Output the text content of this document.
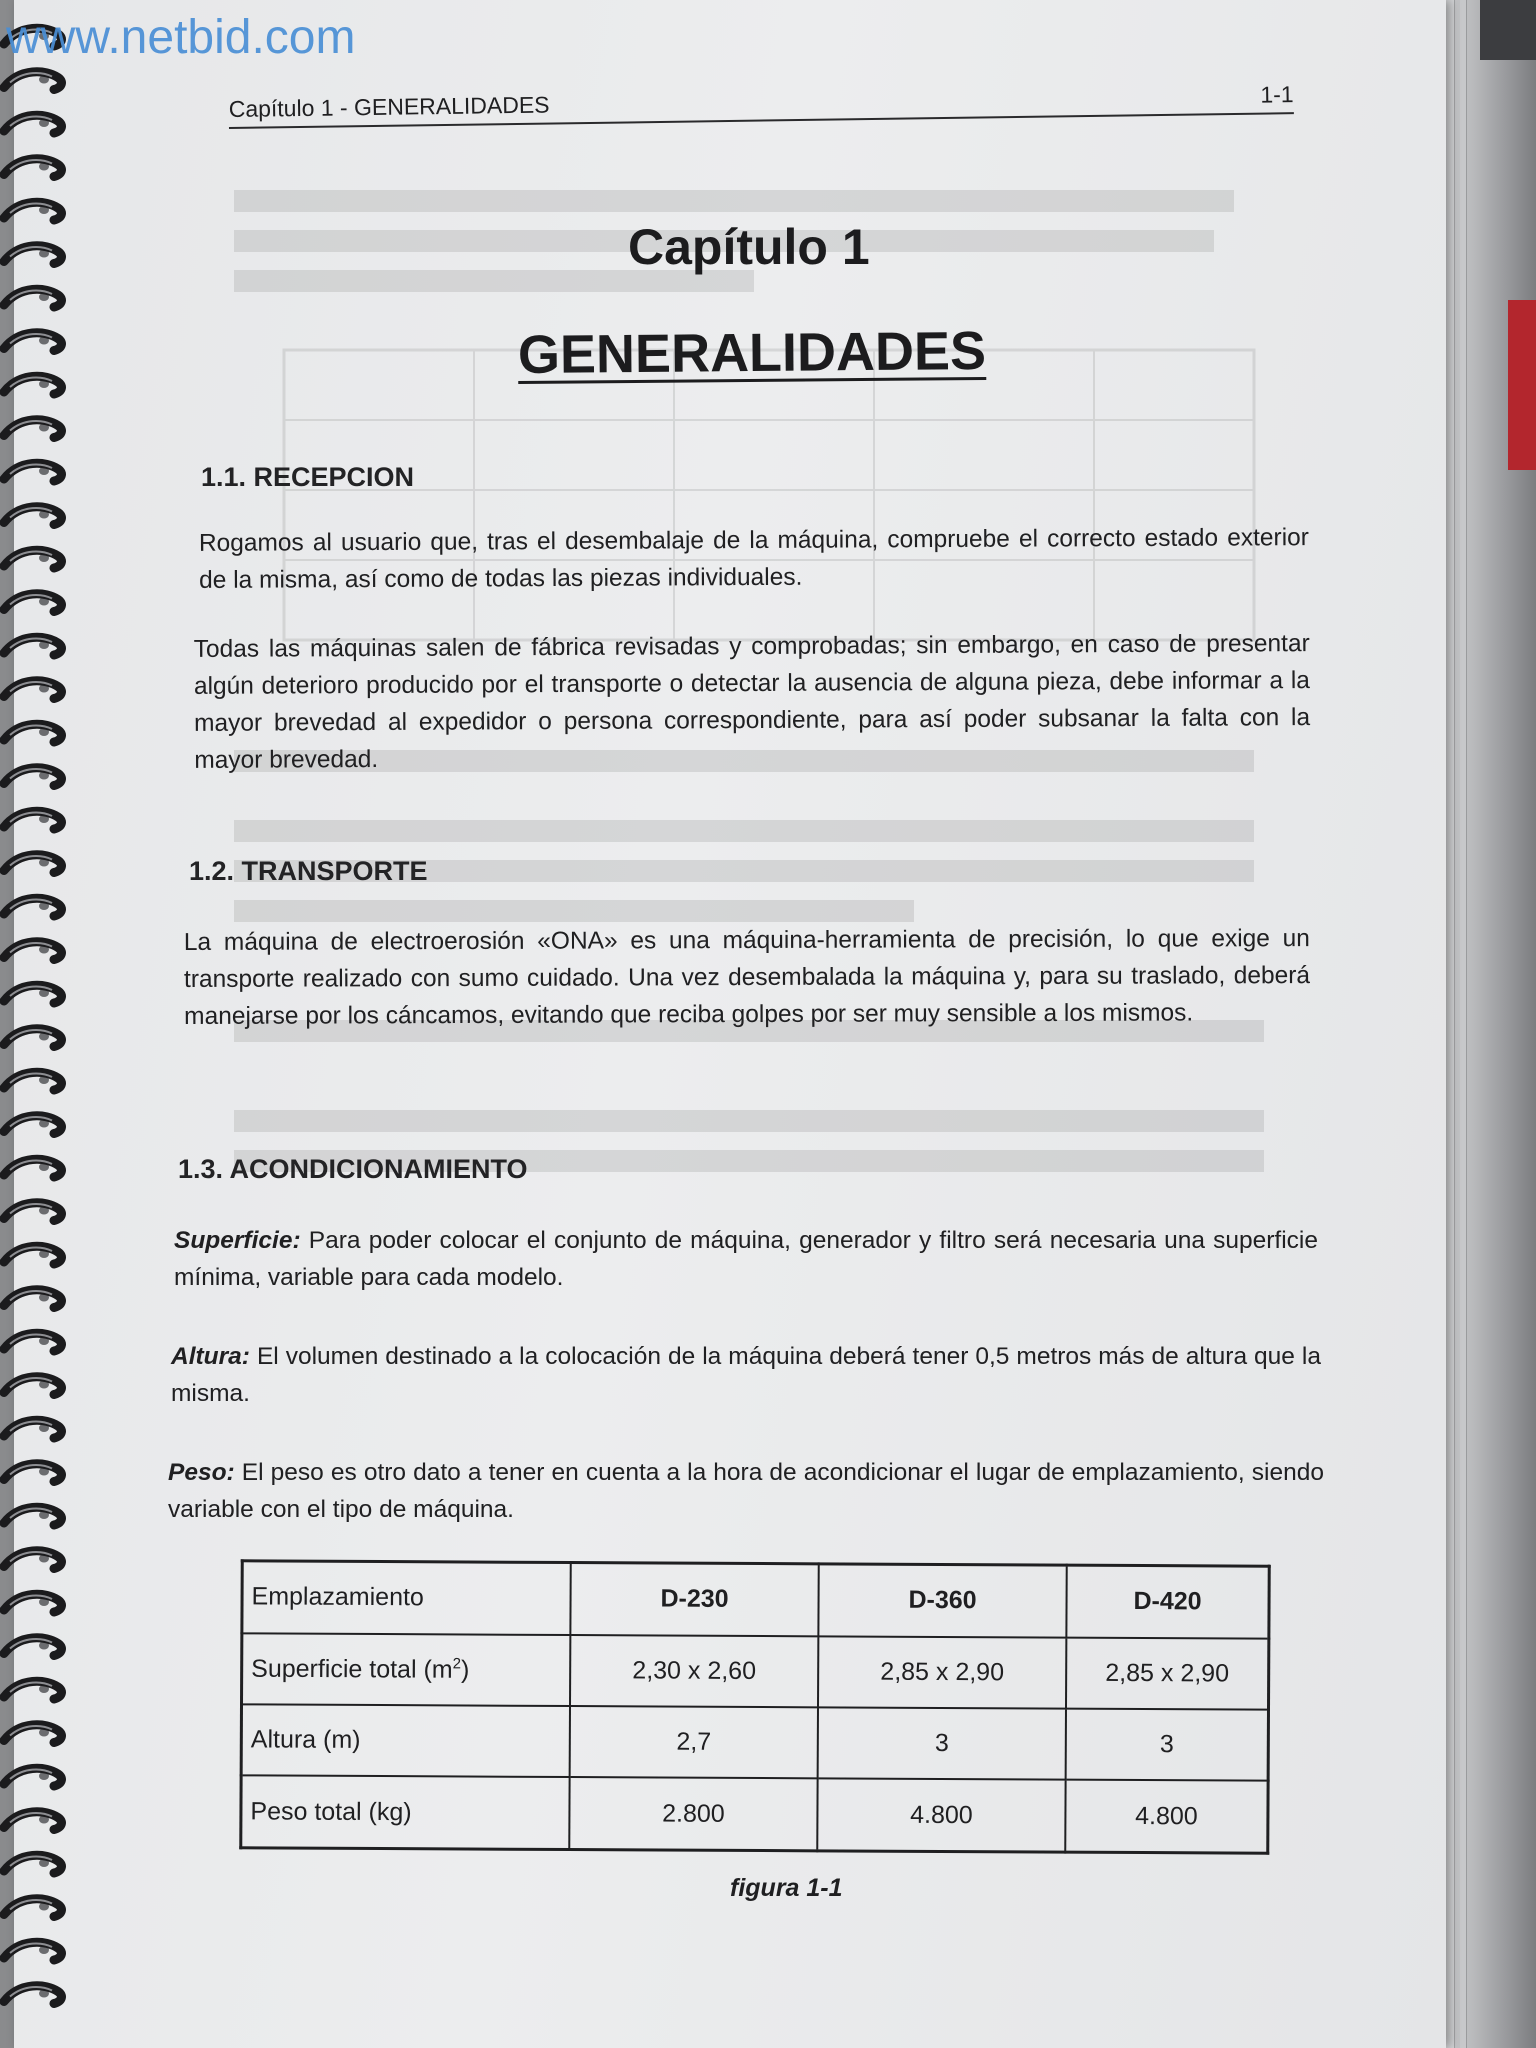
Capítulo 1 - GENERALIDADES	1-1
Capítulo 1
GENERALIDADES
1.1. RECEPCION
Rogamos al usuario que, tras el desembalaje de la máquina, compruebe el correcto estado exterior de la misma, así como de todas las piezas individuales.
Todas las máquinas salen de fábrica revisadas y comprobadas; sin embargo, en caso de presentar algún deterioro producido por el transporte o detectar la ausencia de alguna pieza, debe informar a la mayor brevedad al expedidor o persona correspondiente, para así poder subsanar la falta con la mayor brevedad.
1.2. TRANSPORTE
La máquina de electroerosión «ONA» es una máquina-herramienta de precisión, lo que exige un transporte realizado con sumo cuidado. Una vez desembalada la máquina y, para su traslado, deberá manejarse por los cáncamos, evitando que reciba golpes por ser muy sensible a los mismos.
1.3. ACONDICIONAMIENTO
Superficie: Para poder colocar el conjunto de máquina, generador y filtro será necesaria una superficie mínima, variable para cada modelo.
Altura: El volumen destinado a la colocación de la máquina deberá tener 0,5 metros más de altura que la misma.
Peso: El peso es otro dato a tener en cuenta a la hora de acondicionar el lugar de emplazamiento, siendo variable con el tipo de máquina.
Emplazamiento	D-230	D-360	D-420
Superficie total $(m^2)$	2,30 x 2,60	2,85 x 2,90	2,85 x 2,90
Altura (m)	2,7	3	3
Peso total (kg)	2.800	4.800	4.800
figura 1-1
www.netbid.com
